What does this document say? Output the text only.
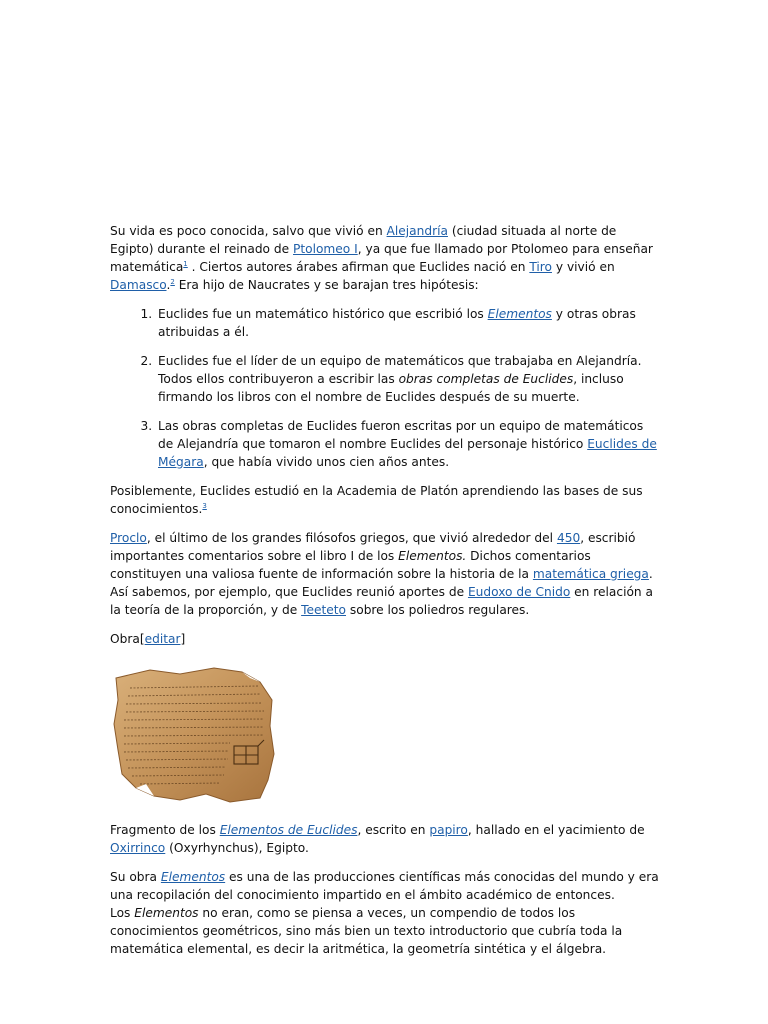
Su vida es poco conocida, salvo que vivió en Alejandría (ciudad situada al norte de Egipto) durante el reinado de Ptolomeo I, ya que fue llamado por Ptolomeo para enseñar matemática$^1$ . Ciertos autores árabes afirman que Euclides nació en Tiro y vivió en Damasco.$^2$ Era hijo de Naucrates y se barajan tres hipótesis:

1. Euclides fue un matemático histórico que escribió los Elementos y otras obras atribuidas a él.
2. Euclides fue el líder de un equipo de matemáticos que trabajaba en Alejandría. Todos ellos contribuyeron a escribir las obras completas de Euclides, incluso firmando los libros con el nombre de Euclides después de su muerte.
3. Las obras completas de Euclides fueron escritas por un equipo de matemáticos de Alejandría que tomaron el nombre Euclides del personaje histórico Euclides de Mégara, que había vivido unos cien años antes.

Posiblemente, Euclides estudió en la Academia de Platón aprendiendo las bases de sus conocimientos.$^3$

Proclo, el último de los grandes filósofos griegos, que vivió alrededor del 450, escribió importantes comentarios sobre el libro I de los Elementos. Dichos comentarios constituyen una valiosa fuente de información sobre la historia de la matemática griega. Así sabemos, por ejemplo, que Euclides reunió aportes de Eudoxo de Cnido en relación a la teoría de la proporción, y de Teeteto sobre los poliedros regulares.

Obra[editar]

Fragmento de los Elementos de Euclides, escrito en papiro, hallado en el yacimiento de Oxirrinco (Oxyrhynchus), Egipto.

Su obra Elementos es una de las producciones científicas más conocidas del mundo y era una recopilación del conocimiento impartido en el ámbito académico de entonces.
Los Elementos no eran, como se piensa a veces, un compendio de todos los conocimientos geométricos, sino más bien un texto introductorio que cubría toda la matemática elemental, es decir la aritmética, la geometría sintética y el álgebra.
